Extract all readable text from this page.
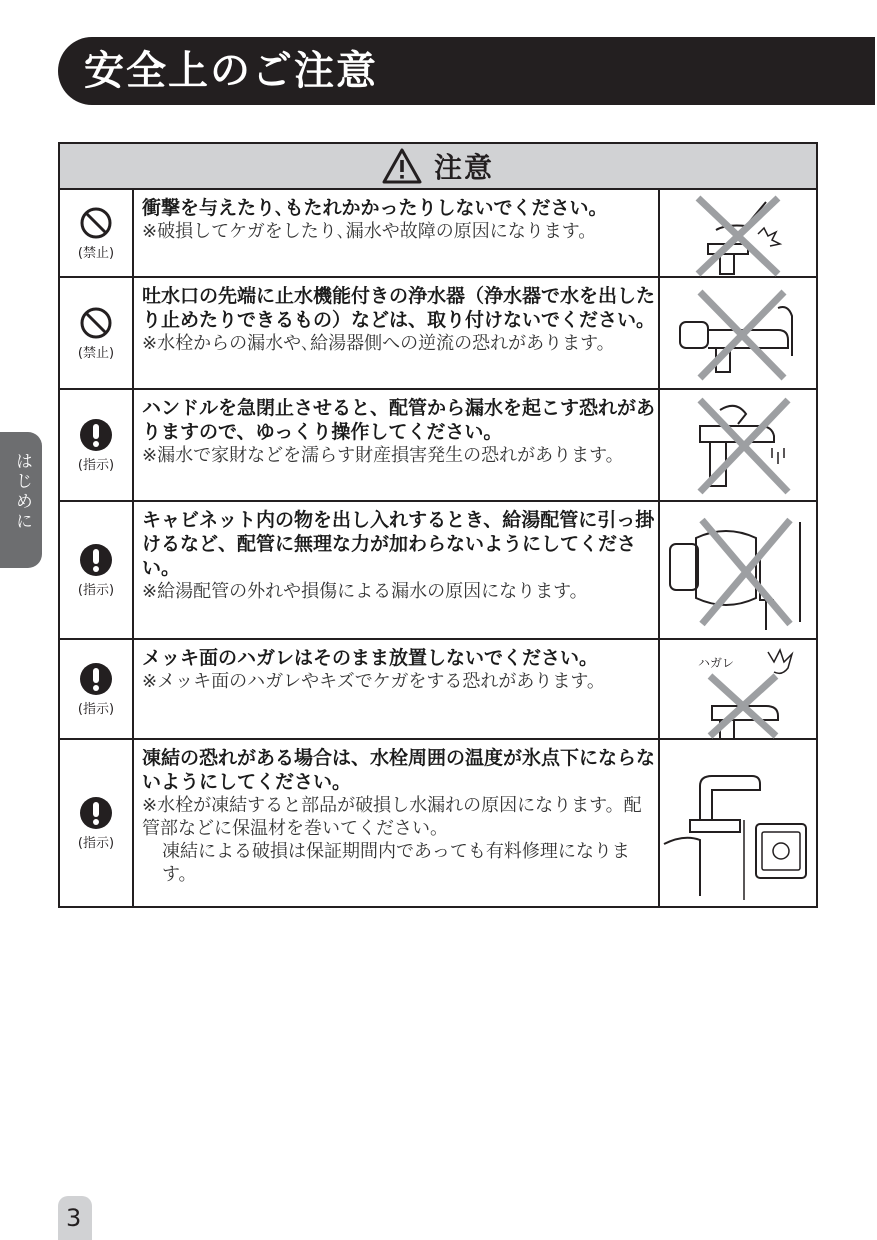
安全上のご注意
はじめに
注意
(禁止)

衝撃を与えたり､もたれかかったりしないでください。

※破損してケガをしたり､漏水や故障の原因になります。

(禁止)

吐水口の先端に止水機能付きの浄水器（浄水器で水を出したり止めたりできるもの）などは、取り付けないでください。

※水栓からの漏水や､給湯器側への逆流の恐れがあります。

(指示)

ハンドルを急閉止させると、配管から漏水を起こす恐れがありますので、ゆっくり操作してください。

※漏水で家財などを濡らす財産損害発生の恐れがあります。

(指示)

キャビネット内の物を出し入れするとき、給湯配管に引っ掛けるなど、配管に無理な力が加わらないようにしてください。

※給湯配管の外れや損傷による漏水の原因になります。

(指示)

メッキ面のハガレはそのまま放置しないでください。

※メッキ面のハガレやキズでケガをする恐れがあります。

ハガレ
(指示)

凍結の恐れがある場合は、水栓周囲の温度が氷点下にならないようにしてください。

※水栓が凍結すると部品が破損し水漏れの原因になります。配管部などに保温材を巻いてください。

凍結による破損は保証期間内であっても有料修理になります。

3
